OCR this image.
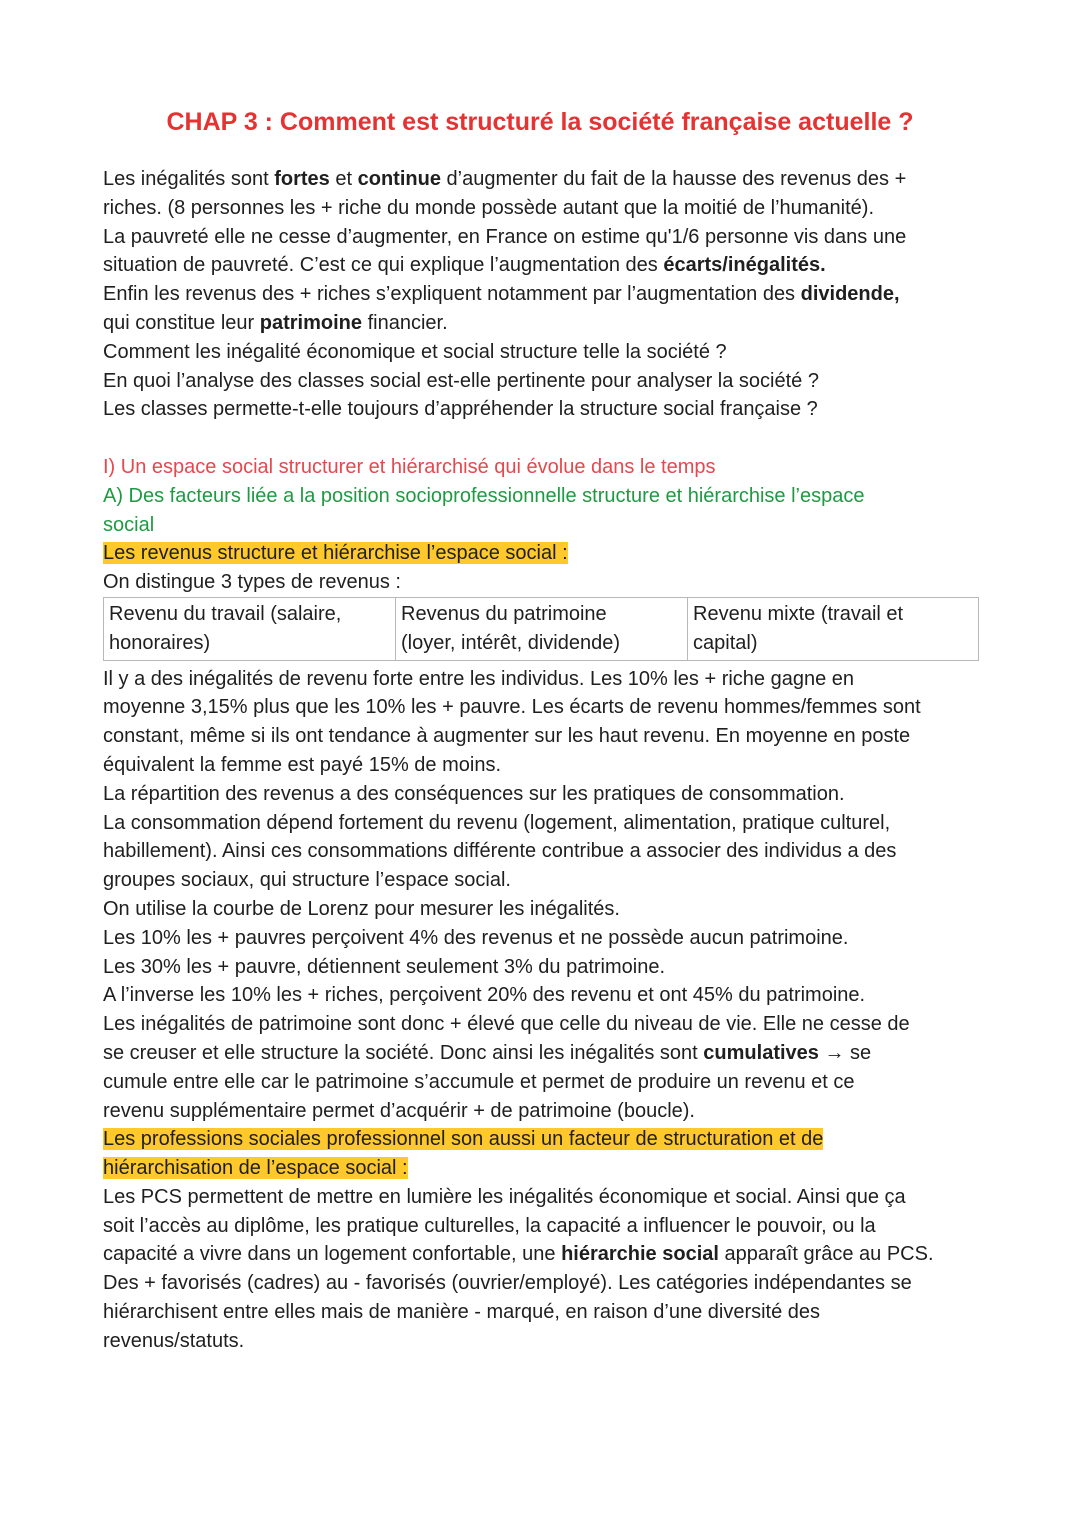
CHAP 3 : Comment est structuré la société française actuelle ?
Les inégalités sont fortes et continue d’augmenter du fait de la hausse des revenus des +
riches. (8 personnes les + riche du monde possède autant que la moitié de l’humanité).
La pauvreté elle ne cesse d’augmenter, en France on estime qu'1/6 personne vis dans une
situation de pauvreté. C’est ce qui explique l’augmentation des écarts/inégalités.
Enfin les revenus des + riches s’expliquent notamment par l’augmentation des dividende,
qui constitue leur patrimoine financier.
Comment les inégalité économique et social structure telle la société ?
En quoi l’analyse des classes social est-elle pertinente pour analyser la société ?
Les classes permette-t-elle toujours d’appréhender la structure social française ?
I) Un espace social structurer et hiérarchisé qui évolue dans le temps
A) Des facteurs liée a la position socioprofessionnelle structure et hiérarchise l’espace
social
Les revenus structure et hiérarchise l’espace social :
On distingue 3 types de revenus :
Revenu du travail (salaire,
honoraires)
Revenus du patrimoine
(loyer, intérêt, dividende)
Revenu mixte (travail et
capital)
Il y a des inégalités de revenu forte entre les individus. Les 10% les + riche gagne en
moyenne 3,15% plus que les 10% les + pauvre. Les écarts de revenu hommes/femmes sont
constant, même si ils ont tendance à augmenter sur les haut revenu. En moyenne en poste
équivalent la femme est payé 15% de moins.
La répartition des revenus a des conséquences sur les pratiques de consommation.
La consommation dépend fortement du revenu (logement, alimentation, pratique culturel,
habillement). Ainsi ces consommations différente contribue a associer des individus a des
groupes sociaux, qui structure l’espace social.
On utilise la courbe de Lorenz pour mesurer les inégalités.
Les 10% les + pauvres perçoivent 4% des revenus et ne possède aucun patrimoine.
Les 30% les + pauvre, détiennent seulement 3% du patrimoine.
A l’inverse les 10% les + riches, perçoivent 20% des revenu et ont 45% du patrimoine.
Les inégalités de patrimoine sont donc + élevé que celle du niveau de vie. Elle ne cesse de
se creuser et elle structure la société. Donc ainsi les inégalités sont cumulatives → se
cumule entre elle car le patrimoine s’accumule et permet de produire un revenu et ce
revenu supplémentaire permet d’acquérir + de patrimoine (boucle).
Les professions sociales professionnel son aussi un facteur de structuration et de
hiérarchisation de l’espace social :
Les PCS permettent de mettre en lumière les inégalités économique et social. Ainsi que ça
soit l’accès au diplôme, les pratique culturelles, la capacité a influencer le pouvoir, ou la
capacité a vivre dans un logement confortable, une hiérarchie social apparaît grâce au PCS.
Des + favorisés (cadres) au - favorisés (ouvrier/employé). Les catégories indépendantes se
hiérarchisent entre elles mais de manière - marqué, en raison d’une diversité des
revenus/statuts.
